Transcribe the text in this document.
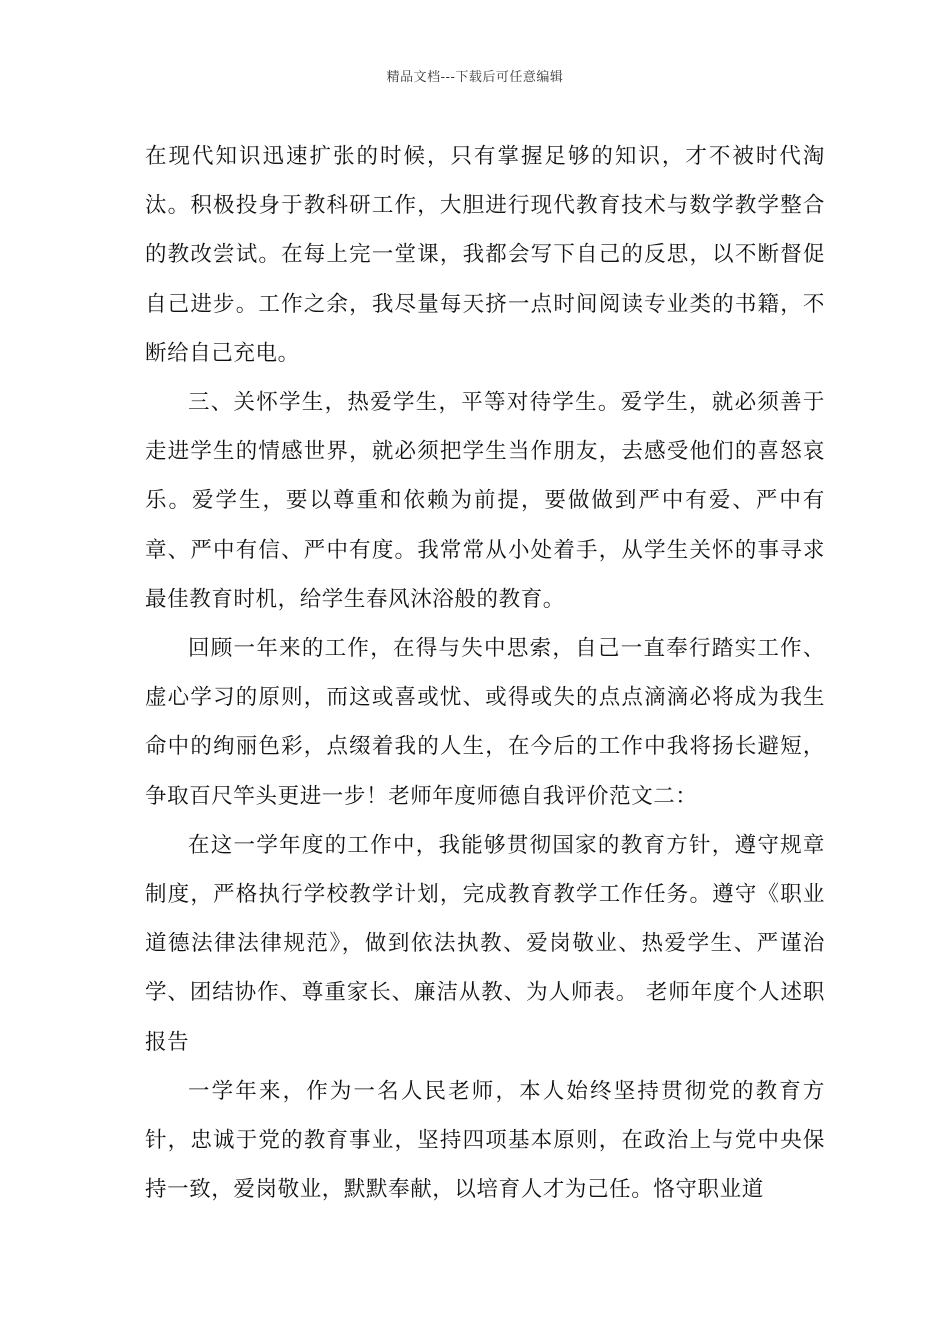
精品文档---下载后可任意编辑

在现代知识迅速扩张的时候，只有掌握足够的知识，才不被时代淘汰。积极投身于教科研工作，大胆进行现代教育技术与数学教学整合的教改尝试。在每上完一堂课，我都会写下自己的反思，以不断督促自己进步。工作之余，我尽量每天挤一点时间阅读专业类的书籍，不断给自己充电。

三、关怀学生，热爱学生，平等对待学生。爱学生，就必须善于走进学生的情感世界，就必须把学生当作朋友，去感受他们的喜怒哀乐。爱学生，要以尊重和依赖为前提，要做做到严中有爱、严中有章、严中有信、严中有度。我常常从小处着手，从学生关怀的事寻求最佳教育时机，给学生春风沐浴般的教育。

回顾一年来的工作，在得与失中思索，自己一直奉行踏实工作、虚心学习的原则，而这或喜或忧、或得或失的点点滴滴必将成为我生命中的绚丽色彩，点缀着我的人生，在今后的工作中我将扬长避短，争取百尺竿头更进一步！老师年度师德自我评价范文二：

在这一学年度的工作中，我能够贯彻国家的教育方针，遵守规章制度，严格执行学校教学计划，完成教育教学工作任务。遵守《职业道德法律法律规范》，做到依法执教、爱岗敬业、热爱学生、严谨治学、团结协作、尊重家长、廉洁从教、为人师表。 老师年度个人述职报告

一学年来，作为一名人民老师，本人始终坚持贯彻党的教育方针，忠诚于党的教育事业，坚持四项基本原则，在政治上与党中央保持一致，爱岗敬业，默默奉献，以培育人才为己任。恪守职业道
